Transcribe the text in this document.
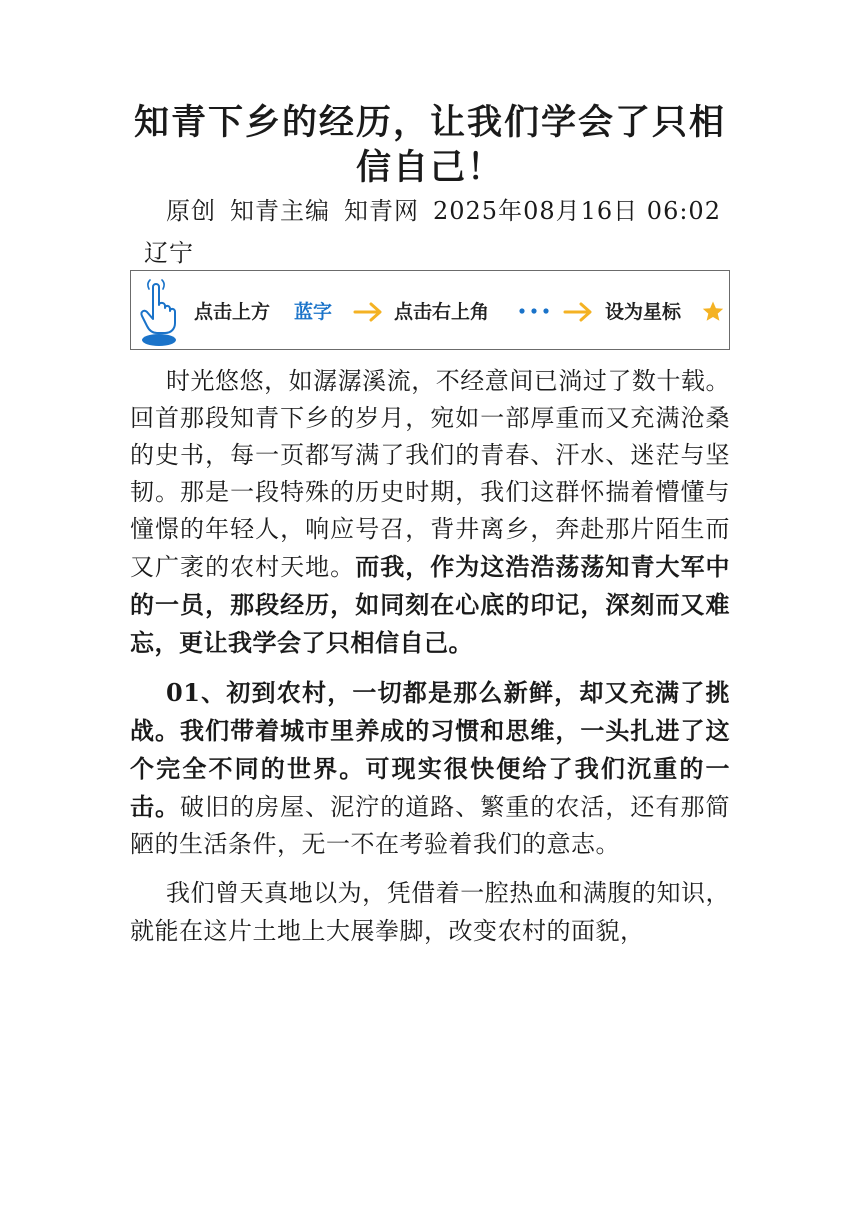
知青下乡的经历，让我们学会了只相信自己！

原创 知青主编 知青网 2025年08月16日 06:02辽宁

点击上方 蓝字	点击右上角	设为星标

时光悠悠，如潺潺溪流，不经意间已淌过了数十载。回首那段知青下乡的岁月，宛如一部厚重而又充满沧桑的史书，每一页都写满了我们的青春、汗水、迷茫与坚韧。那是一段特殊的历史时期，我们这群怀揣着懵懂与憧憬的年轻人，响应号召，背井离乡，奔赴那片陌生而又广袤的农村天地。而我，作为这浩浩荡荡知青大军中的一员，那段经历，如同刻在心底的印记，深刻而又难忘，更让我学会了只相信自己。

01、初到农村，一切都是那么新鲜，却又充满了挑战。我们带着城市里养成的习惯和思维，一头扎进了这个完全不同的世界。可现实很快便给了我们沉重的一击。破旧的房屋、泥泞的道路、繁重的农活，还有那简陋的生活条件，无一不在考验着我们的意志。

我们曾天真地以为，凭借着一腔热血和满腹的知识，就能在这片土地上大展拳脚，改变农村的面貌，
